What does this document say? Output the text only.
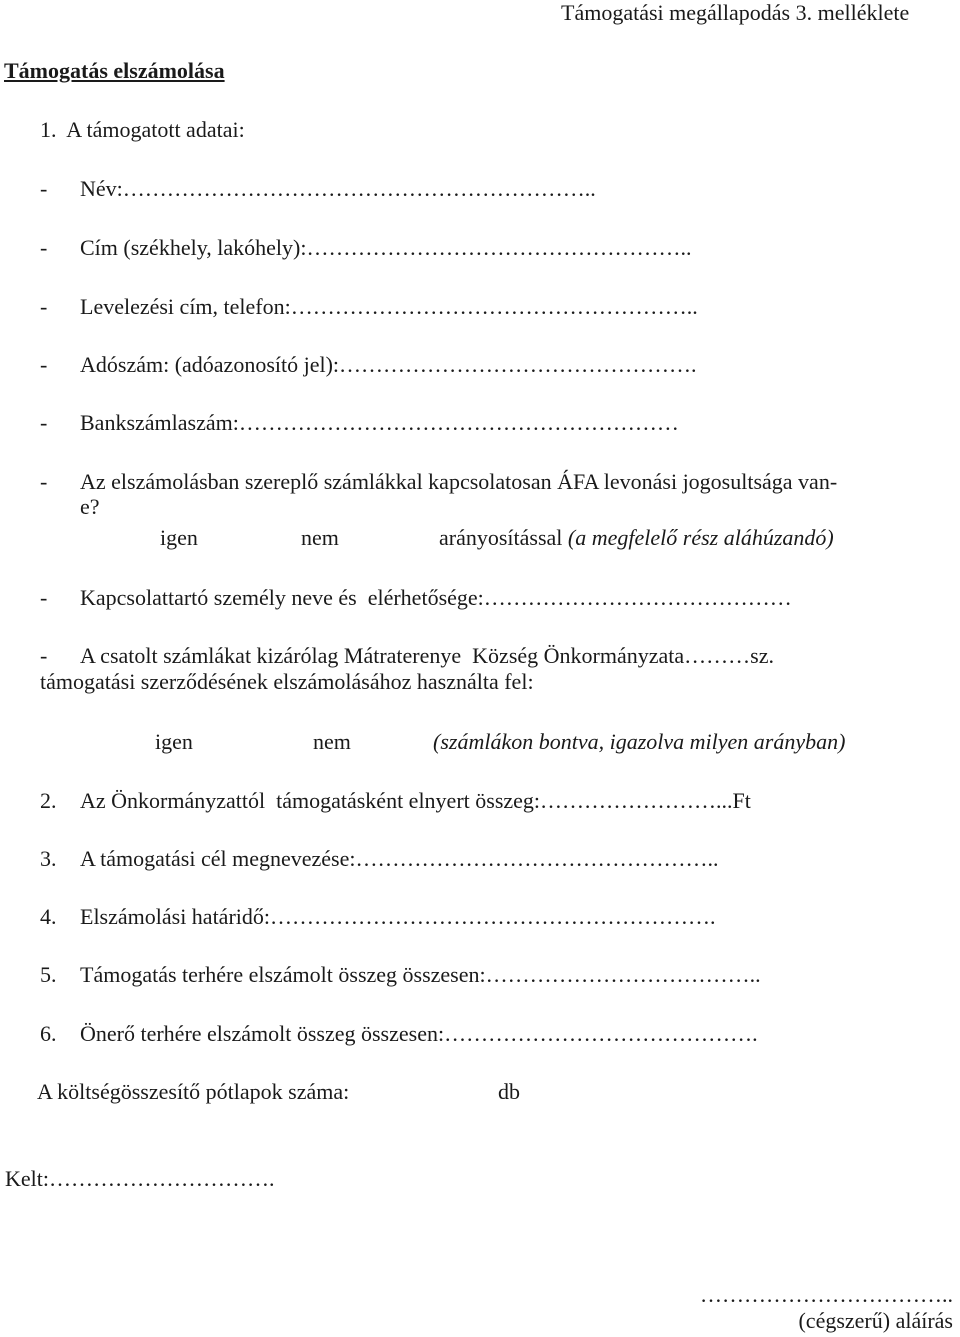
Támogatási megállapodás 3. melléklete
Támogatás elszámolása
1.  A támogatott adatai:
- Név:………………………………………………………..
- Cím (székhely, lakóhely):……………………………………………..
- Levelezési cím, telefon:………………………………………………..
- Adószám: (adóazonosító jel):………………………………………….
- Bankszámlaszám:……………………………………………………
- Az elszámolásban szereplő számlákkal kapcsolatosan ÁFA levonási jogosultsága van-
e?
igen	nem	arányosítással (a megfelelő rész aláhúzandó)
- Kapcsolattartó személy neve és  elérhetősége:……………………………………
- A csatolt számlákat kizárólag Mátraterenye  Község Önkormányzata………sz.
támogatási szerződésének elszámolásához használta fel:
igen	nem	(számlákon bontva, igazolva milyen arányban)
2. Az Önkormányzattól  támogatásként elnyert összeg:……………………...Ft
3. A támogatási cél megnevezése:…………………………………………..
4. Elszámolási határidő:…………………………………………………….
5. Támogatás terhére elszámolt összeg összesen:………………………………..
6. Önerő terhére elszámolt összeg összesen:…………………………………….
A költségösszesítő pótlapok száma:	db
Kelt:………………………….
……………………………..
(cégszerű) aláírás
